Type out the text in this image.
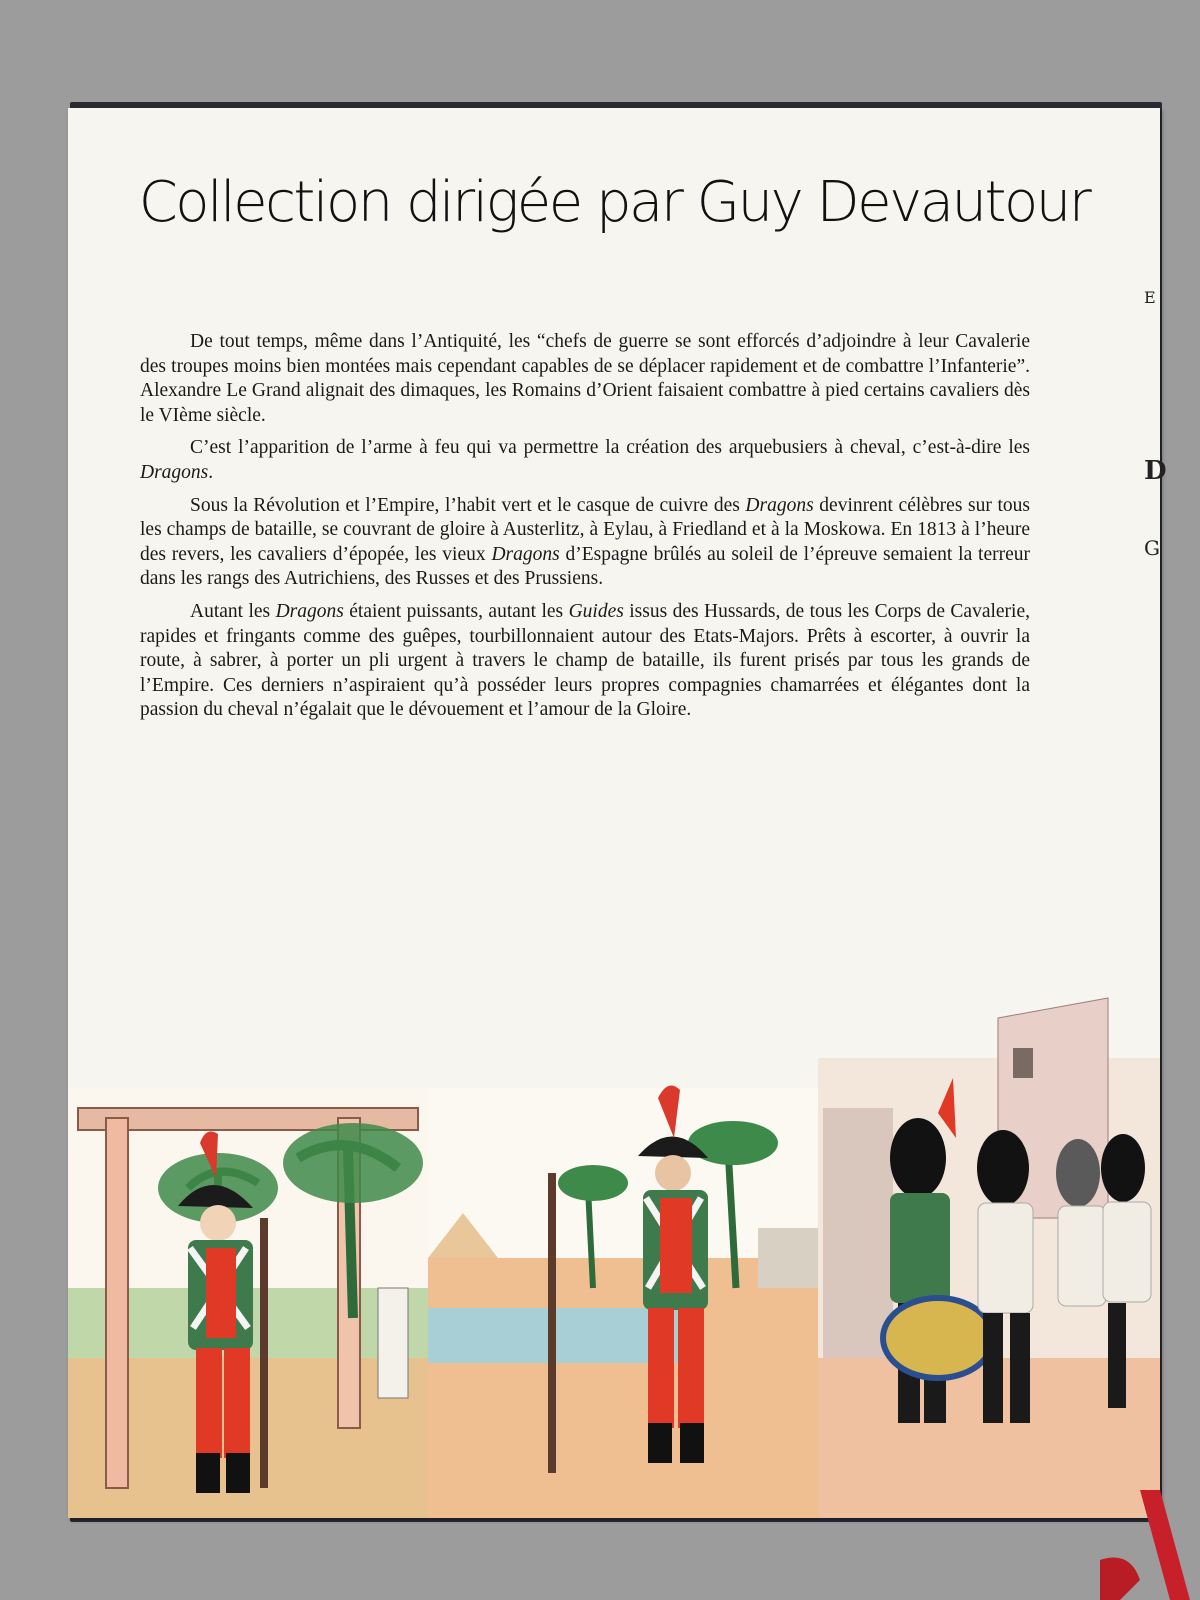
Collection dirigée par Guy Devautour

De tout temps, même dans l’Antiquité, les “chefs de guerre se sont efforcés d’adjoindre à leur Cavalerie des troupes moins bien montées mais cependant capables de se déplacer rapidement et de combattre l’Infanterie”. Alexandre Le Grand alignait des dimaques, les Romains d’Orient faisaient combattre à pied certains cavaliers dès le VIème siècle.

C’est l’apparition de l’arme à feu qui va permettre la création des arquebusiers à cheval, c’est-à-dire les Dragons.

Sous la Révolution et l’Empire, l’habit vert et le casque de cuivre des Dragons devinrent célèbres sur tous les champs de bataille, se couvrant de gloire à Austerlitz, à Eylau, à Friedland et à la Moskowa. En 1813 à l’heure des revers, les cavaliers d’épopée, les vieux Dragons d’Espagne brûlés au soleil de l’épreuve semaient la terreur dans les rangs des Autrichiens, des Russes et des Prussiens.

Autant les Dragons étaient puissants, autant les Guides issus des Hussards, de tous les Corps de Cavalerie, rapides et fringants comme des guêpes, tourbillonnaient autour des Etats-Majors. Prêts à escorter, à ouvrir la route, à sabrer, à porter un pli urgent à travers le champ de bataille, ils furent prisés par tous les grands de l’Empire. Ces derniers n’aspiraient qu’à posséder leurs propres compagnies chamarrées et élégantes dont la passion du cheval n’égalait que le dévouement et l’amour de la Gloire.

E
D
G
